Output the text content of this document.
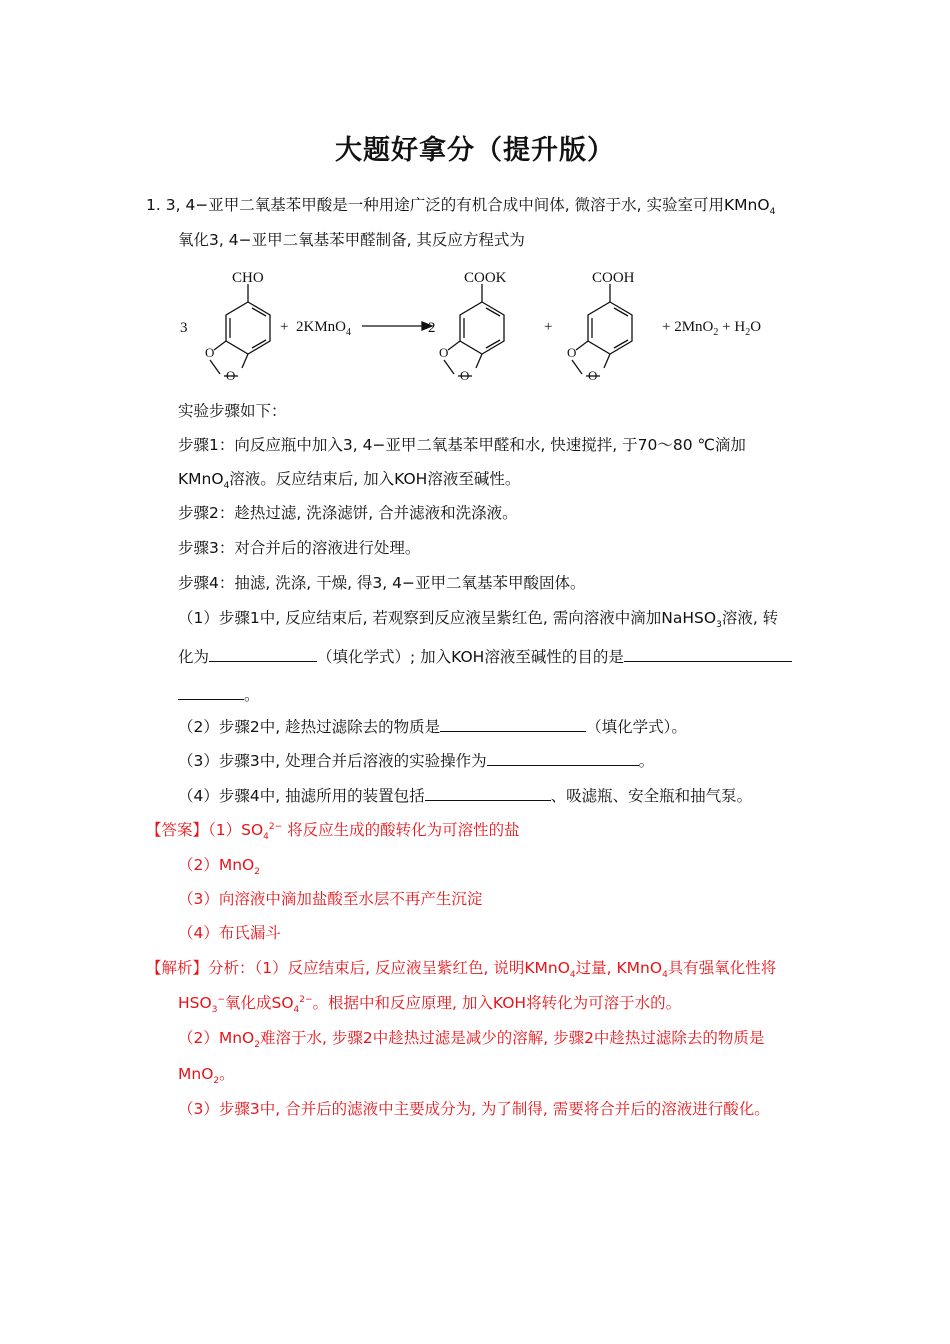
大题好拿分（提升版）
1. 3, 4−亚甲二氧基苯甲酸是一种用途广泛的有机合成中间体, 微溶于水, 实验室可用KMnO$_4$
氧化3, 4−亚甲二氧基苯甲醛制备, 其反应方程式为
3
CHO
O
O
+ 2KMnO$_4$	2
COOK
O
O
+
COOH
O
O
+ $2MnO_2 + H_2O$
实验步骤如下：
步骤1：向反应瓶中加入3, 4−亚甲二氧基苯甲醛和水, 快速搅拌, 于70～80 ℃滴加
KMnO$_4$溶液。反应结束后, 加入KOH溶液至碱性。
步骤2：趁热过滤, 洗涤滤饼, 合并滤液和洗涤液。
步骤3：对合并后的溶液进行处理。
步骤4：抽滤, 洗涤, 干燥, 得3, 4−亚甲二氧基苯甲酸固体。
（1）步骤1中, 反应结束后, 若观察到反应液呈紫红色, 需向溶液中滴加NaHSO$_3$溶液, 转
化为	（填化学式）; 加入KOH溶液至碱性的目的是
。
（2）步骤2中, 趁热过滤除去的物质是	（填化学式）。
（3）步骤3中, 处理合并后溶液的实验操作为	。
（4）步骤4中, 抽滤所用的装置包括	、吸滤瓶、安全瓶和抽气泵。
【答案】$(1)SO_4^{2-}$ 将反应生成的酸转化为可溶性的盐
（2）MnO$_2$
（3）向溶液中滴加盐酸至水层不再产生沉淀
（4）布氏漏斗
【解析】分析：（1）反应结束后, 反应液呈紫红色, 说明KMnO$_4$过量, KMnO$_4$具有强氧化性将
$HSO_3^-$氧化成$SO_4^{2-}$。根据中和反应原理, 加入KOH将转化为可溶于水的。
（2）MnO$_2$难溶于水, 步骤2中趁热过滤是减少的溶解, 步骤2中趁热过滤除去的物质是
MnO$_2$。
（3）步骤3中, 合并后的滤液中主要成分为, 为了制得, 需要将合并后的溶液进行酸化。
